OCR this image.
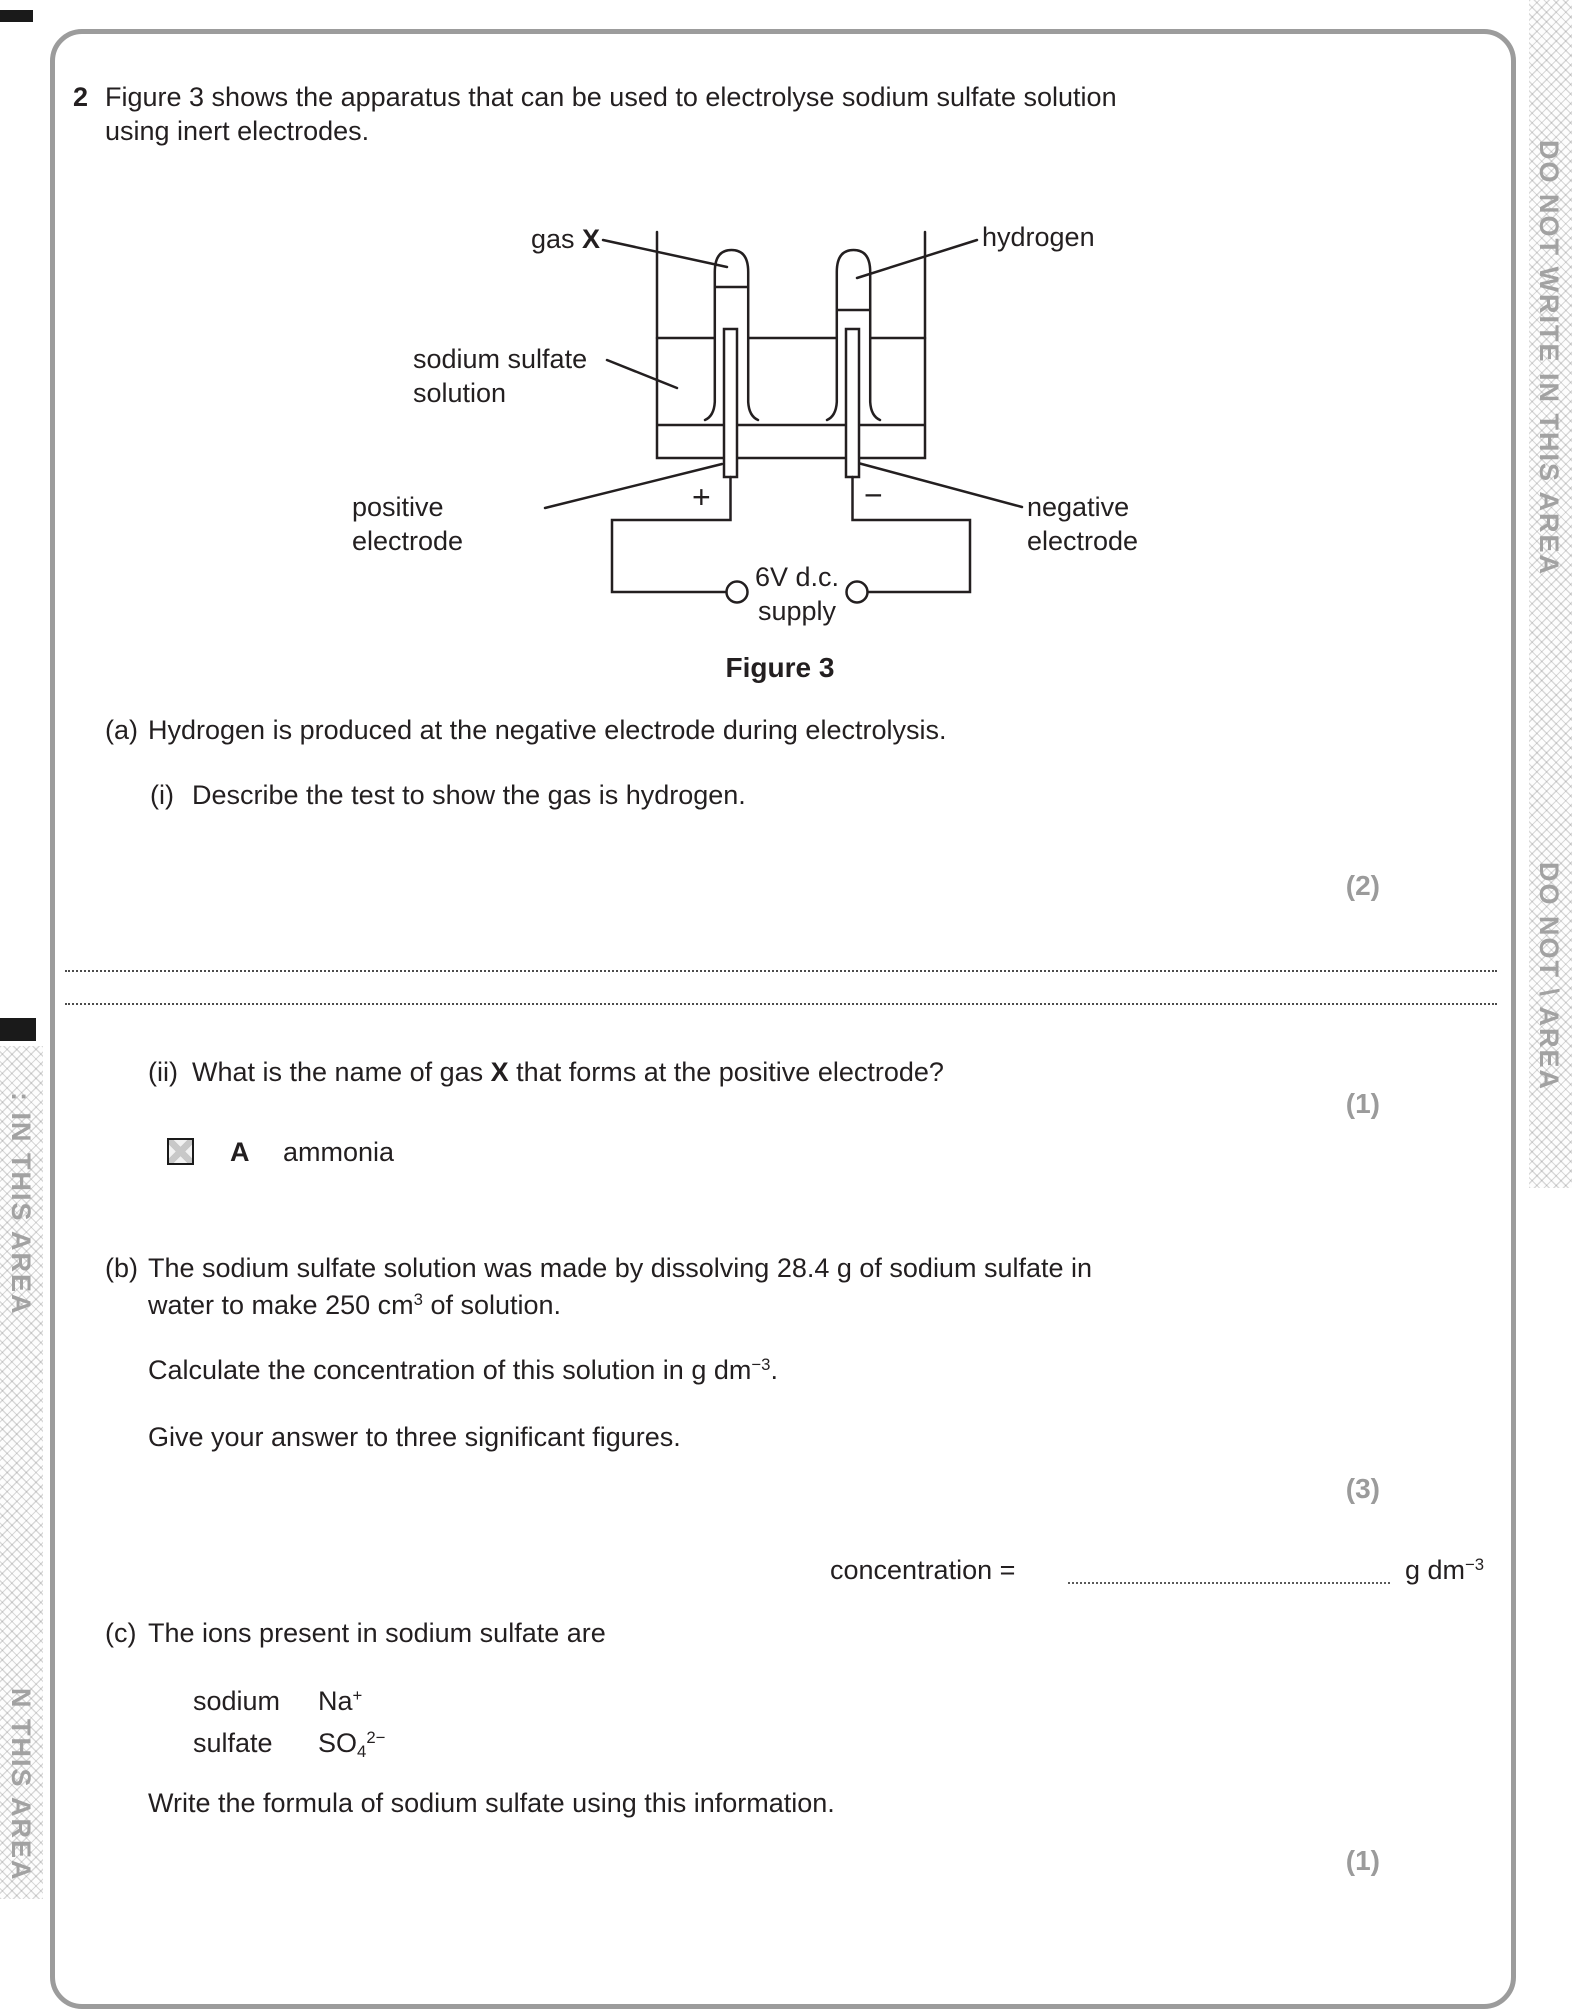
DO NOT WRITE IN THIS AREA
DO NOT \ AREA
: IN THIS AREA
N THIS AREA
2 Figure 3 shows the apparatus that can be used to electrolyse sodium sulfate solution
using inert electrodes.
gas X	hydrogen
sodium sulfate
solution
positive
electrode
negative
electrode
+	−
6V d.c.
supply
Figure 3
(a) Hydrogen is produced at the negative electrode during electrolysis.
(i) Describe the test to show the gas is hydrogen.
(2)
(ii) What is the name of gas X that forms at the positive electrode?
(1)
A ammonia
(b) The sodium sulfate solution was made by dissolving 28.4 g of sodium sulfate in
water to make 250 $cm^3$ of solution.
Calculate the concentration of this solution in g $dm^{-3}$.
Give your answer to three significant figures.
(3)
concentration =	g $dm^{-3}$
(c) The ions present in sodium sulfate are
sodium Na+
sulfate $SO4^{2-}$
Write the formula of sodium sulfate using this information.
(1)
